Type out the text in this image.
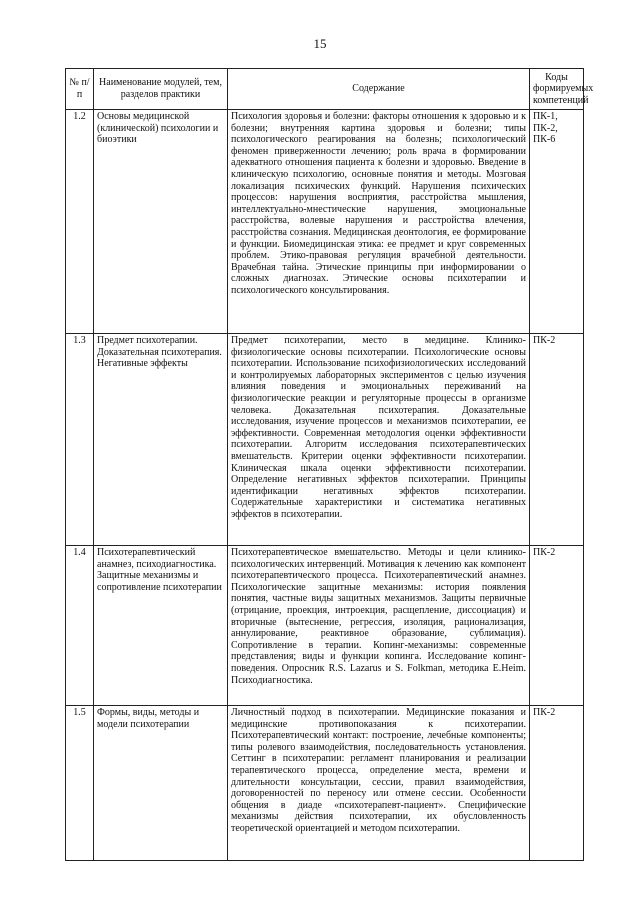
15
№ п/п	Наименование модулей, тем, разделов практики	Содержание	Коды формируемых компетенций
1.2	Основы медицинской (клинической) психологии и биоэтики	Психология здоровья и болезни: факторы отношения к здоровью и к болезни; внутренняя картина здоровья и болезни; типы психологического реагирования на болезнь; психологический феномен приверженности лечению; роль врача в формировании адекватного отношения пациента к болезни и здоровью. Введение в клиническую психологию, основные понятия и методы. Мозговая локализация психических функций. Нарушения психических процессов: нарушения восприятия, расстройства мышления, интеллектуально-мнестические нарушения, эмоциональные расстройства, волевые нарушения и расстройства влечения, расстройства сознания. Медицинская деонтология, ее формирование и функции. Биомедицинская этика: ее предмет и круг современных проблем. Этико-правовая регуляция врачебной деятельности. Врачебная тайна. Этические принципы при информировании о сложных диагнозах. Этические основы психотерапии и психологического консультирования.	ПК-1, ПК-2, ПК-6
1.3	Предмет психотерапии. Доказательная психотерапия. Негативные эффекты	Предмет психотерапии, место в медицине. Клинико-физиологические основы психотерапии. Психологические основы психотерапии. Использование психофизиологических исследований и контролируемых лабораторных экспериментов с целью изучения влияния поведения и эмоциональных переживаний на физиологические реакции и регуляторные процессы в организме человека. Доказательная психотерапия. Доказательные исследования, изучение процессов и механизмов психотерапии, ее эффективности. Современная методология оценки эффективности психотерапии. Алгоритм исследования психотерапевтических вмешательств. Критерии оценки эффективности психотерапии. Клиническая шкала оценки эффективности психотерапии. Определение негативных эффектов психотерапии. Принципы идентификации негативных эффектов психотерапии. Содержательные характеристики и систематика негативных эффектов в психотерапии.	ПК-2
1.4	Психотерапевтический анамнез, психодиагностика. Защитные механизмы и сопротивление психотерапии	Психотерапевтическое вмешательство. Методы и цели клинико-психологических интервенций. Мотивация к лечению как компонент психотерапевтического процесса. Психотерапевтический анамнез. Психологические защитные механизмы: история появления понятия, частные виды защитных механизмов. Защиты первичные (отрицание, проекция, интроекция, расщепление, диссоциация) и вторичные (вытеснение, регрессия, изоляция, рационализация, аннулирование, реактивное образование, сублимация). Сопротивление в терапии. Копинг-механизмы: современные представления; виды и функции копинга. Исследование копинг-поведения. Опросник R.S. Lazarus и S. Folkman, методика E.Heim. Психодиагностика.	ПК-2
1.5	Формы, виды, методы и модели психотерапии	Личностный подход в психотерапии. Медицинские показания и медицинские противопоказания к психотерапии. Психотерапевтический контакт: построение, лечебные компоненты; типы ролевого взаимодействия, последовательность установления. Сеттинг в психотерапии: регламент планирования и реализации терапевтического процесса, определение места, времени и длительности консультации, сессии, правил взаимодействия, договоренностей по переносу или отмене сессии. Особенности общения в диаде «психотерапевт-пациент». Специфические механизмы действия психотерапии, их обусловленность теоретической ориентацией и методом психотерапии.	ПК-2
